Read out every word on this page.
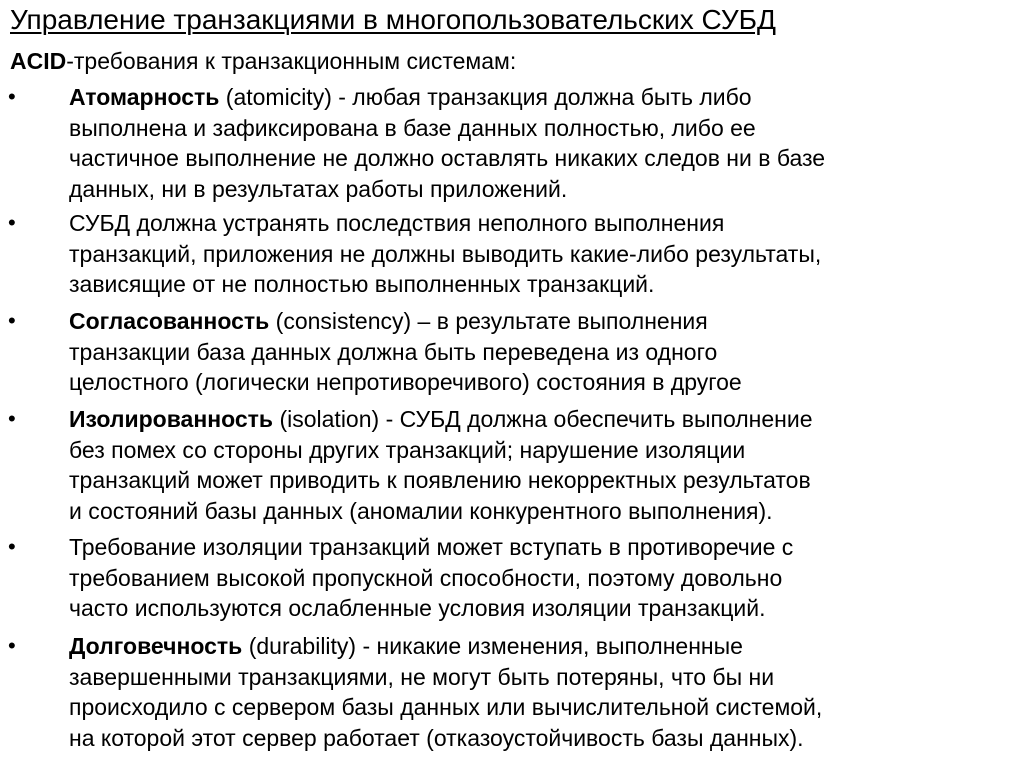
Управление транзакциями в многопользовательских СУБД
ACID-требования к транзакционным системам:
• Атомарность (atomicity) - любая транзакция должна быть либо
выполнена и зафиксирована в базе данных полностью, либо ее
частичное выполнение не должно оставлять никаких следов ни в базе
данных, ни в результатах работы приложений.
• СУБД должна устранять последствия неполного выполнения
транзакций, приложения не должны выводить какие-либо результаты,
зависящие от не полностью выполненных транзакций.
• Согласованность (consistency) – в результате выполнения
транзакции база данных должна быть переведена из одного
целостного (логически непротиворечивого) состояния в другое
• Изолированность (isolation) - СУБД должна обеспечить выполнение
без помех со стороны других транзакций; нарушение изоляции
транзакций может приводить к появлению некорректных результатов
и состояний базы данных (аномалии конкурентного выполнения).
• Требование изоляции транзакций может вступать в противоречие с
требованием высокой пропускной способности, поэтому довольно
часто используются ослабленные условия изоляции транзакций.
• Долговечность (durability) - никакие изменения, выполненные
завершенными транзакциями, не могут быть потеряны, что бы ни
происходило с сервером базы данных или вычислительной системой,
на которой этот сервер работает (отказоустойчивость базы данных).
